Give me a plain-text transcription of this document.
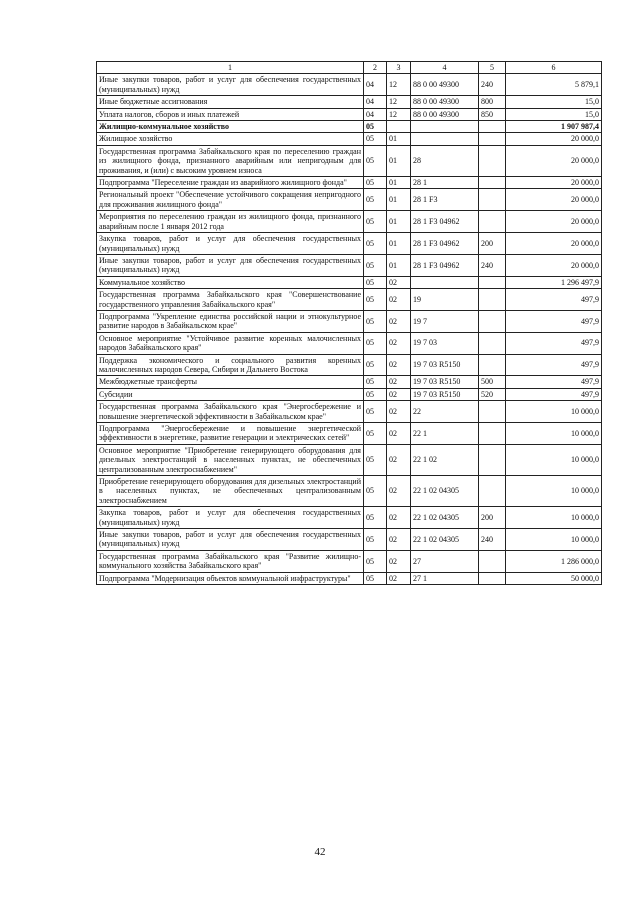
1	2	3	4	5	6
Иные закупки товаров, работ и услуг для обеспечения государственных (муниципальных) нужд	04	12	88 0 00 49300	240	5 879,1
Иные бюджетные ассигнования	04	12	88 0 00 49300	800	15,0
Уплата налогов, сборов и иных платежей	04	12	88 0 00 49300	850	15,0
Жилищно-коммунальное хозяйство	05				1 907 987,4
Жилищное хозяйство	05	01			20 000,0
Государственная программа Забайкальского края по переселению граждан из жилищного фонда, признанного аварийным или непригодным для проживания, и (или) с высоким уровнем износа	05	01	28		20 000,0
Подпрограмма "Переселение граждан из аварийного жилищного фонда"	05	01	28 1		20 000,0
Региональный проект "Обеспечение устойчивого сокращения непригодного для проживания жилищного фонда"	05	01	28 1 F3		20 000,0
Мероприятия по переселению граждан из жилищного фонда, признанного аварийным после 1 января 2012 года	05	01	28 1 F3 04962		20 000,0
Закупка товаров, работ и услуг для обеспечения государственных (муниципальных) нужд	05	01	28 1 F3 04962	200	20 000,0
Иные закупки товаров, работ и услуг для обеспечения государственных (муниципальных) нужд	05	01	28 1 F3 04962	240	20 000,0
Коммунальное хозяйство	05	02			1 296 497,9
Государственная программа Забайкальского края "Совершенствование государственного управления Забайкальского края"	05	02	19		497,9
Подпрограмма "Укрепление единства российской нации и этнокультурное развитие народов в Забайкальском крае"	05	02	19 7		497,9
Основное мероприятие "Устойчивое развитие коренных малочисленных народов Забайкальского края"	05	02	19 7 03		497,9
Поддержка экономического и социального развития коренных малочисленных народов Севера, Сибири и Дальнего Востока	05	02	19 7 03 R5150		497,9
Межбюджетные трансферты	05	02	19 7 03 R5150	500	497,9
Субсидии	05	02	19 7 03 R5150	520	497,9
Государственная программа Забайкальского края "Энергосбережение и повышение энергетической эффективности в Забайкальском крае"	05	02	22		10 000,0
Подпрограмма "Энергосбережение и повышение энергетической эффективности в энергетике, развитие генерации и электрических сетей"	05	02	22 1		10 000,0
Основное мероприятие "Приобретение генерирующего оборудования для дизельных электростанций в населенных пунктах, не обеспеченных централизованным электроснабжением"	05	02	22 1 02		10 000,0
Приобретение генерирующего оборудования для дизельных электростанций в населенных пунктах, не обеспеченных централизованным электроснабжением	05	02	22 1 02 04305		10 000,0
Закупка товаров, работ и услуг для обеспечения государственных (муниципальных) нужд	05	02	22 1 02 04305	200	10 000,0
Иные закупки товаров, работ и услуг для обеспечения государственных (муниципальных) нужд	05	02	22 1 02 04305	240	10 000,0
Государственная программа Забайкальского края "Развитие жилищно-коммунального хозяйства Забайкальского края"	05	02	27		1 286 000,0
Подпрограмма "Модернизация объектов коммунальной инфраструктуры"	05	02	27 1		50 000,0
42
